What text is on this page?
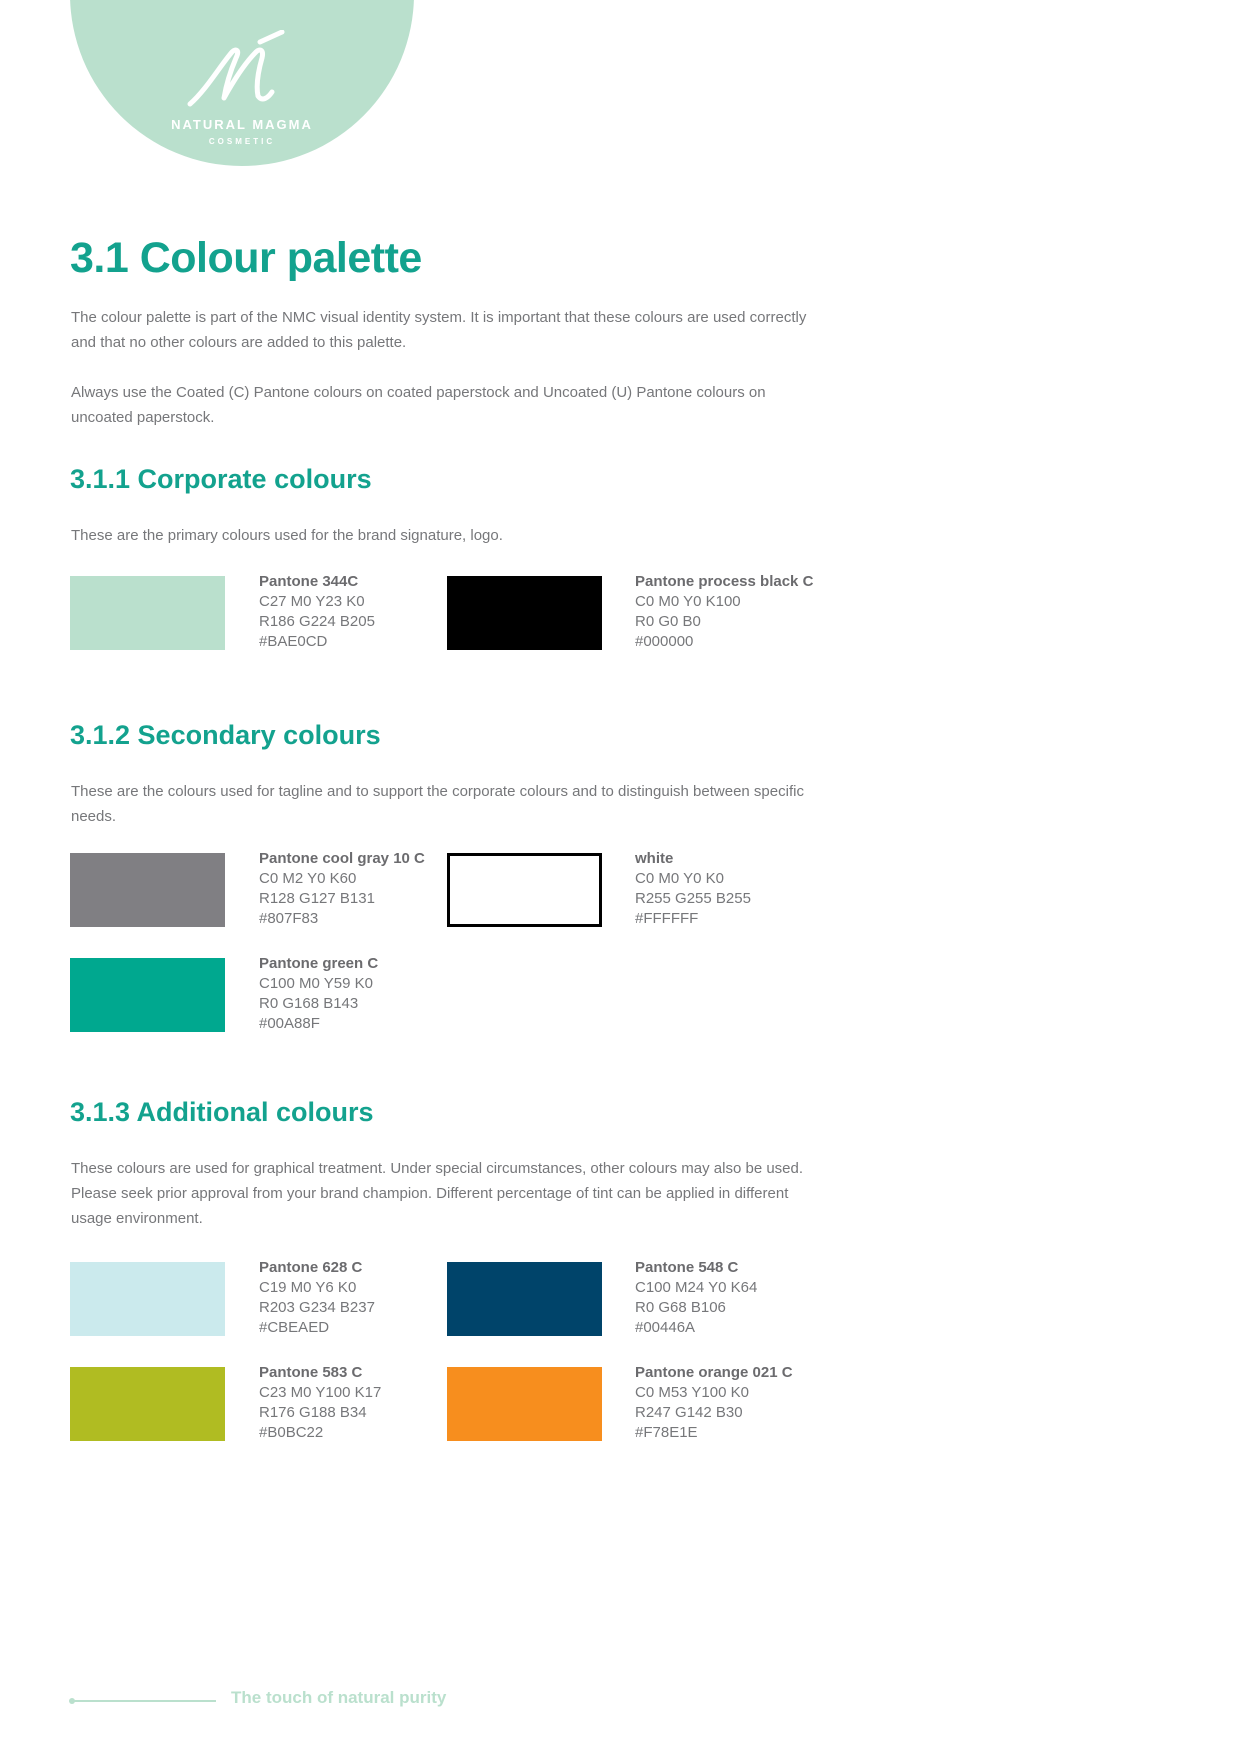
NATURAL MAGMA
COSMETIC
3.1 Colour palette

The colour palette is part of the NMC visual identity system. It is important that these colours are used correctly and that no other colours are added to this palette.

Always use the Coated (C) Pantone colours on coated paperstock and Uncoated (U) Pantone colours on uncoated paperstock.

3.1.1 Corporate colours

These are the primary colours used for the brand signature, logo.

Pantone 344C
C27 M0 Y23 K0
R186 G224 B205
#BAE0CD
Pantone process black C
C0 M0 Y0 K100
R0 G0 B0
#000000
3.1.2 Secondary colours

These are the colours used for tagline and to support the corporate colours and to distinguish between specific needs.

Pantone cool gray 10 C
C0 M2 Y0 K60
R128 G127 B131
#807F83
white
C0 M0 Y0 K0
R255 G255 B255
#FFFFFF
Pantone green C
C100 M0 Y59 K0
R0 G168 B143
#00A88F
3.1.3 Additional colours

These colours are used for graphical treatment. Under special circumstances, other colours may also be used. Please seek prior approval from your brand champion. Different percentage of tint can be applied in different usage environment.

Pantone 628 C
C19 M0 Y6 K0
R203 G234 B237
#CBEAED
Pantone 548 C
C100 M24 Y0 K64
R0 G68 B106
#00446A
Pantone 583 C
C23 M0 Y100 K17
R176 G188 B34
#B0BC22
Pantone orange 021 C
C0 M53 Y100 K0
R247 G142 B30
#F78E1E

The touch of natural purity
